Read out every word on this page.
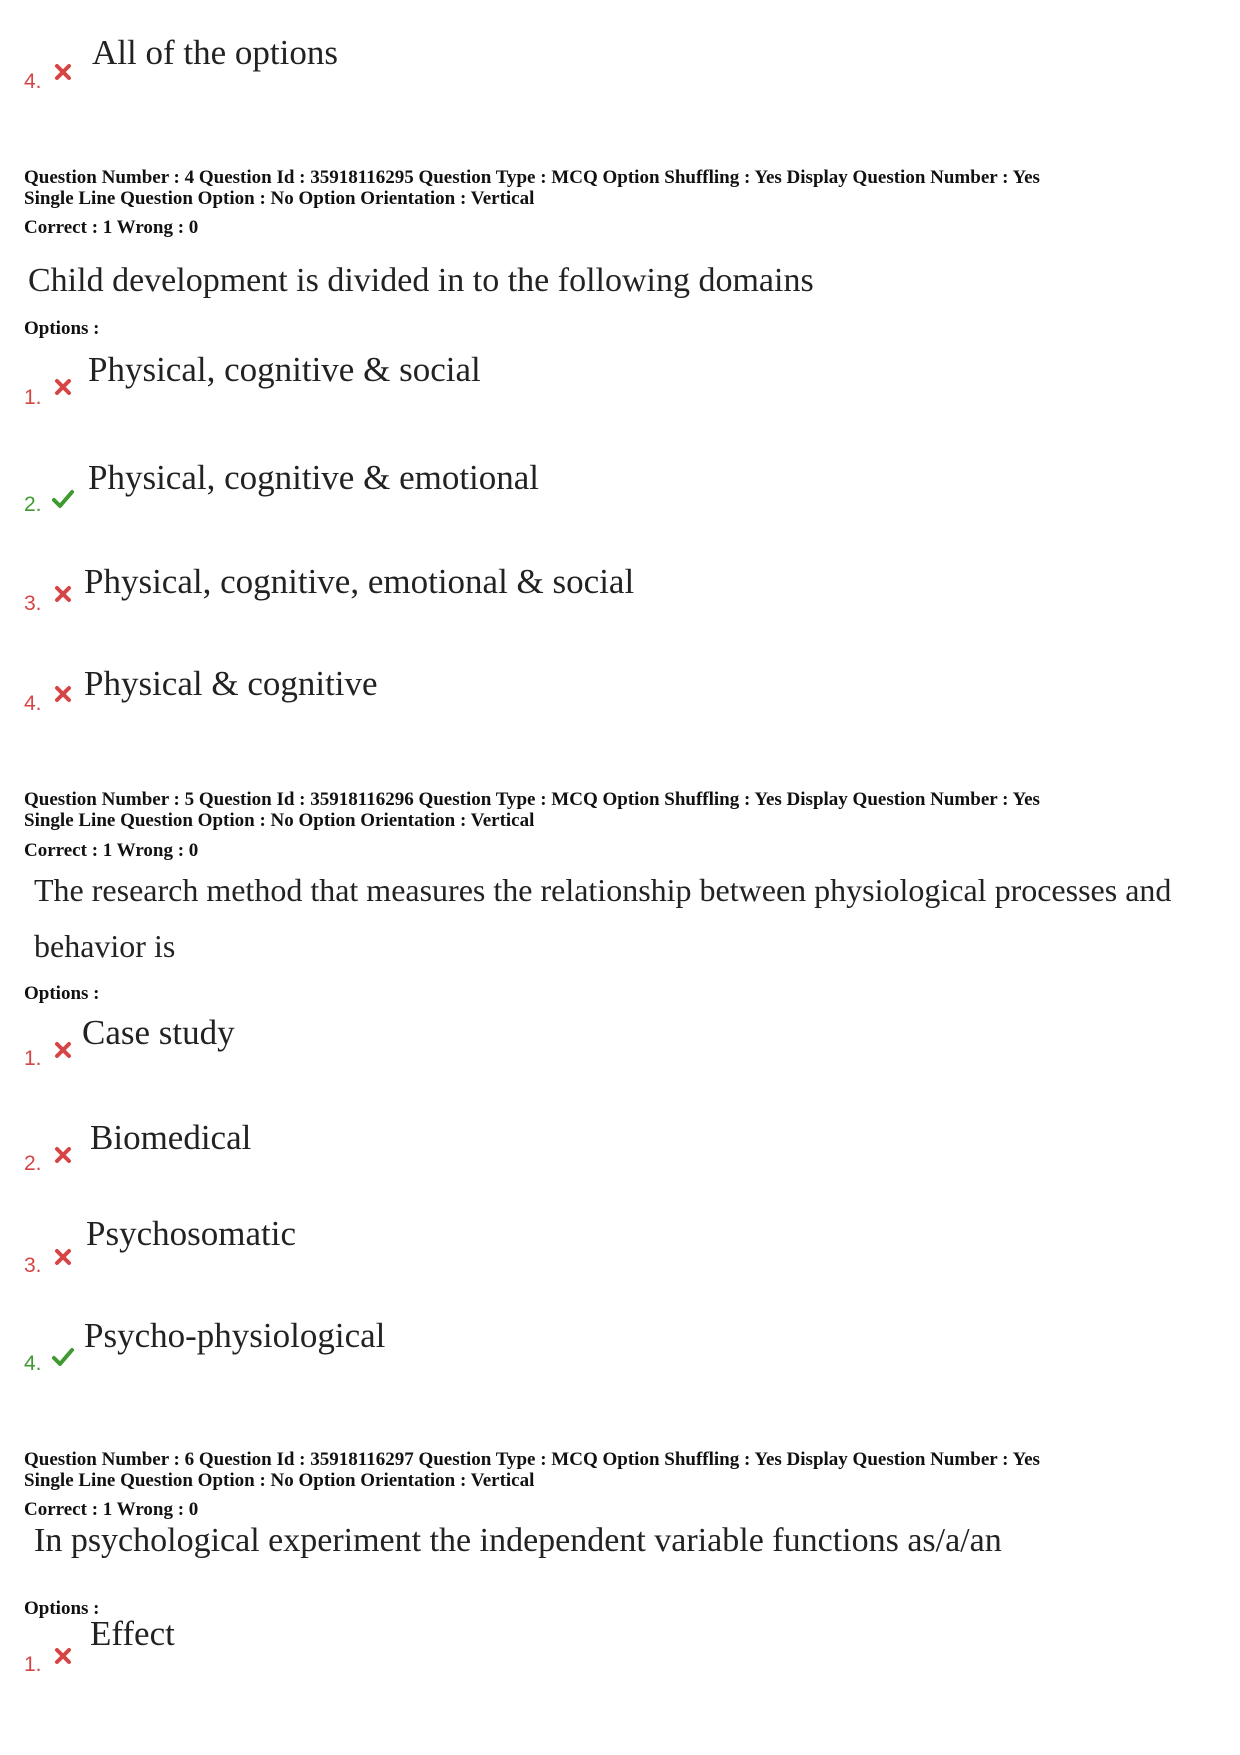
4.
All of the options
Question Number : 4 Question Id : 35918116295 Question Type : MCQ Option Shuffling : Yes Display Question Number : Yes
Single Line Question Option : No Option Orientation : Vertical
Correct : 1 Wrong : 0
Child development is divided in to the following domains
Options :
1.
Physical, cognitive & social
2.
Physical, cognitive & emotional
3.
Physical, cognitive, emotional & social
4.
Physical & cognitive
Question Number : 5 Question Id : 35918116296 Question Type : MCQ Option Shuffling : Yes Display Question Number : Yes
Single Line Question Option : No Option Orientation : Vertical
Correct : 1 Wrong : 0
The research method that measures the relationship between physiological processes and
behavior is
Options :
1.
Case study
2.
Biomedical
3.
Psychosomatic
4.
Psycho-physiological
Question Number : 6 Question Id : 35918116297 Question Type : MCQ Option Shuffling : Yes Display Question Number : Yes
Single Line Question Option : No Option Orientation : Vertical
Correct : 1 Wrong : 0
In psychological experiment the independent variable functions as/a/an
Options :
1.
Effect
